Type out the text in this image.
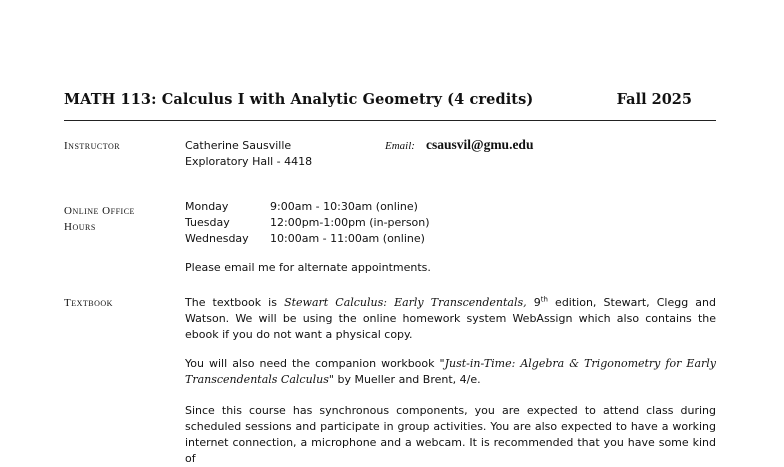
MATH 113: Calculus I with Analytic Geometry (4 credits)	Fall 2025
Instructor	Catherine Sausville
Exploratory Hall - 4418
Email: csausvil@gmu.edu
Online Office
Hours
Monday	9:00am - 10:30am (online)
Tuesday	12:00pm-1:00pm (in-person)
Wednesday 10:00am - 11:00am (online)
Please email me for alternate appointments.
Textbook	The textbook is Stewart Calculus: Early Transcendentals, 9th edition, Stewart, Clegg and Watson. We will be using the online homework system WebAssign which also contains the ebook if you do not want a physical copy.
You will also need the companion workbook "Just-in-Time: Algebra & Trigonometry for Early Transcendentals Calculus" by Mueller and Brent, 4/e.
Since this course has synchronous components, you are expected to attend class during scheduled sessions and participate in group activities. You are also expected to have a working internet connection, a microphone and a webcam. It is recommended that you have some kind of
